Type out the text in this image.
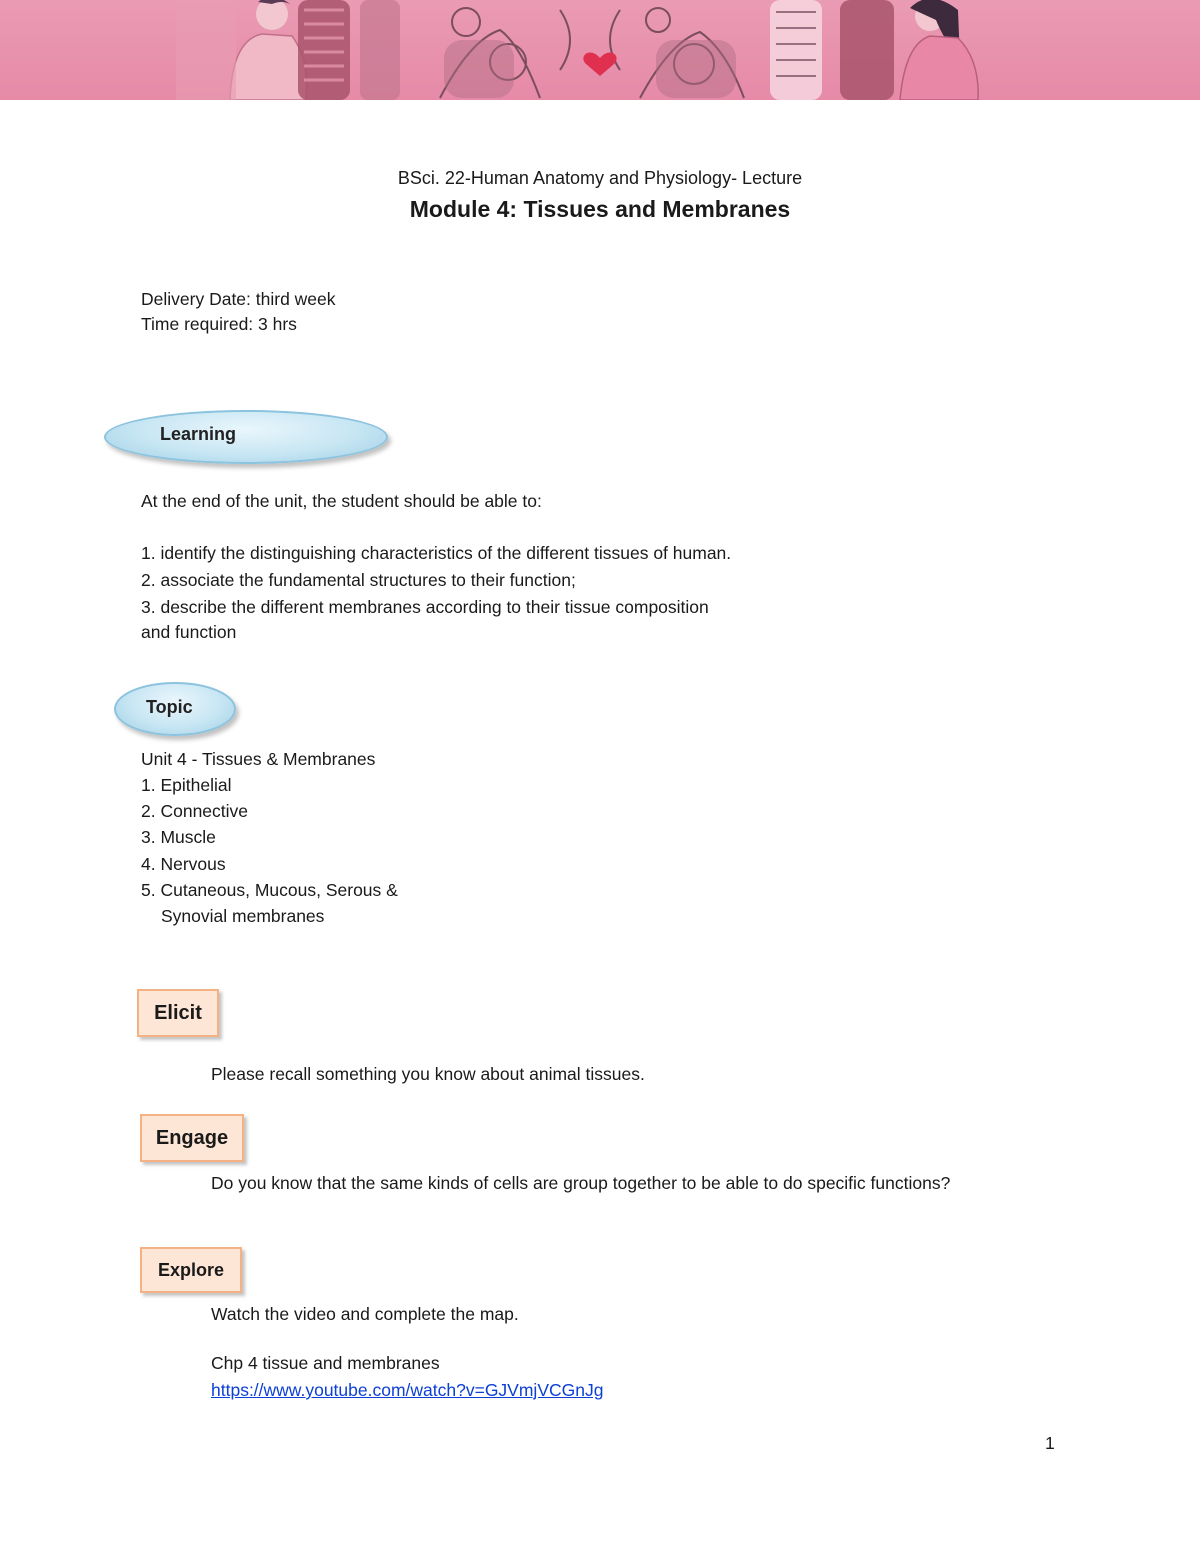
BSci. 22-Human Anatomy and Physiology- Lecture
Module 4: Tissues and Membranes
Delivery Date: third week
Time required: 3 hrs
Learning
At the end of the unit, the student should be able to:
1. identify the distinguishing characteristics of the different tissues of human.
2. associate the fundamental structures to their function;
3. describe the different membranes according to their tissue composition
and function
Topic
Unit 4 - Tissues & Membranes
1. Epithelial
2. Connective
3. Muscle
4. Nervous
5. Cutaneous, Mucous, Serous &
Synovial membranes
Elicit
Please recall something you know about animal tissues.
Engage
Do you know that the same kinds of cells are group together to be able to do specific functions?
Explore
Watch the video and complete the map.
Chp 4 tissue and membranes
https://www.youtube.com/watch?v=GJVmjVCGnJg
1
